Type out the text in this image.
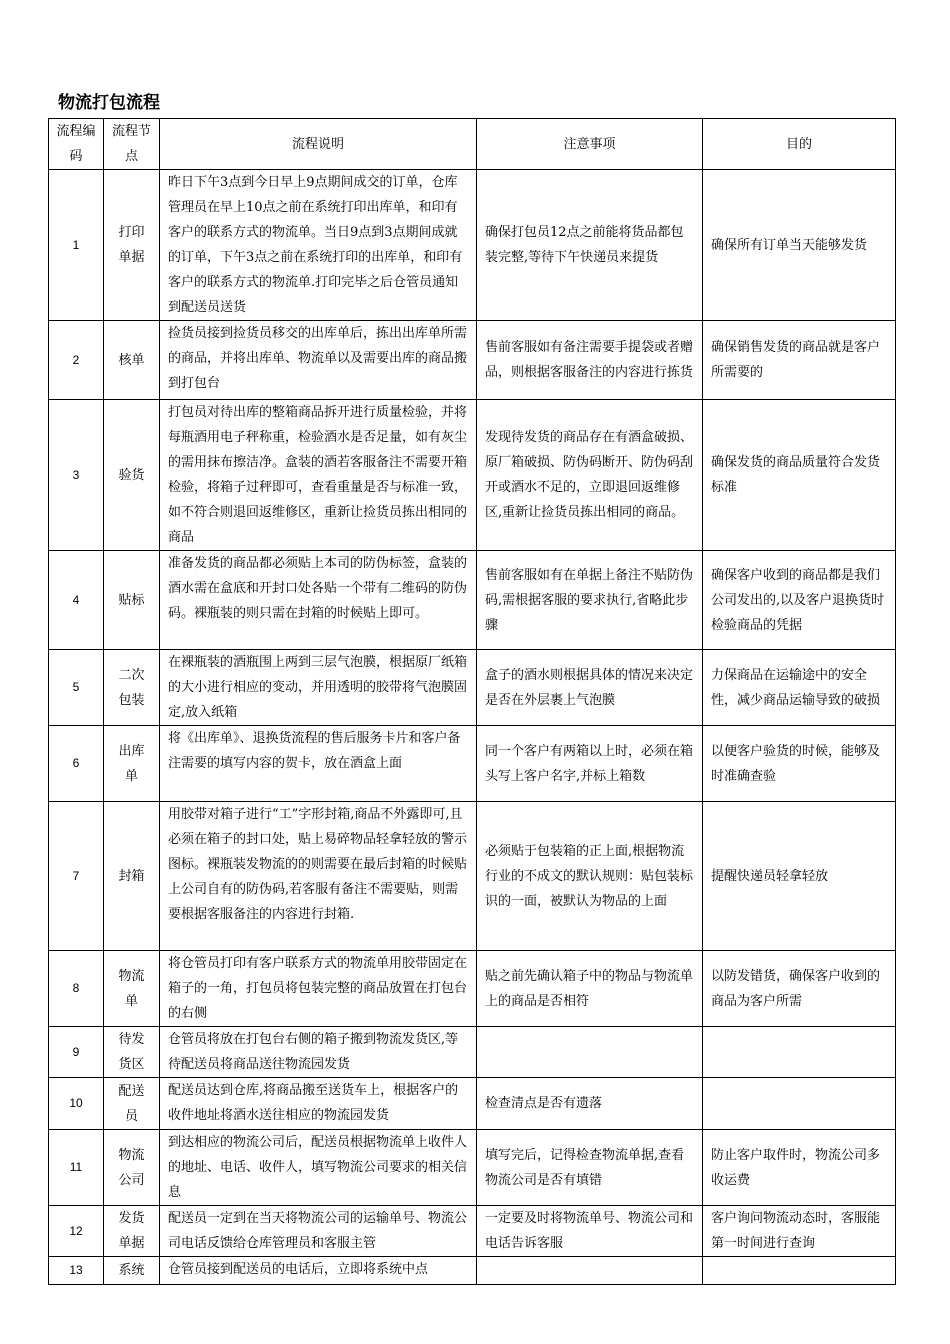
物流打包流程
流程编码	流程节点	流程说明	注意事项	目的
1	打印单据	昨日下午3点到今日早上9点期间成交的订单，仓库管理员在早上10点之前在系统打印出库单，和印有客户的联系方式的物流单。当日9点到3点期间成就的订单，下午3点之前在系统打印的出库单，和印有客户的联系方式的物流单.打印完毕之后仓管员通知到配送员送货	确保打包员12点之前能将货品都包装完整,等待下午快递员来提货	确保所有订单当天能够发货
2	核单	捡货员接到捡货员移交的出库单后，拣出出库单所需的商品，并将出库单、物流单以及需要出库的商品搬到打包台	售前客服如有备注需要手提袋或者赠品，则根据客服备注的内容进行拣货	确保销售发货的商品就是客户所需要的
3	验货	打包员对待出库的整箱商品拆开进行质量检验，并将每瓶酒用电子秤称重，检验酒水是否足量，如有灰尘的需用抹布擦洁净。盒装的酒若客服备注不需要开箱检验，将箱子过秤即可，查看重量是否与标准一致，如不符合则退回返维修区，重新让捡货员拣出相同的商品	发现待发货的商品存在有酒盒破损、原厂箱破损、防伪码断开、防伪码刮开或酒水不足的，立即退回返维修区,重新让捡货员拣出相同的商品。	确保发货的商品质量符合发货标准
4	贴标	准备发货的商品都必须贴上本司的防伪标签，盒装的酒水需在盒底和开封口处各贴一个带有二维码的防伪码。裸瓶装的则只需在封箱的时候贴上即可。	售前客服如有在单据上备注不贴防伪码,需根据客服的要求执行,省略此步骤	确保客户收到的商品都是我们公司发出的,以及客户退换货时检验商品的凭据
5	二次包装	在裸瓶装的酒瓶围上两到三层气泡膜，根据原厂纸箱的大小进行相应的变动，并用透明的胶带将气泡膜固定,放入纸箱	盒子的酒水则根据具体的情况来决定是否在外层裹上气泡膜	力保商品在运输途中的安全性，减少商品运输导致的破损
6	出库单	将《出库单》、退换货流程的售后服务卡片和客户备注需要的填写内容的贺卡，放在酒盒上面	同一个客户有两箱以上时，必须在箱头写上客户名字,并标上箱数	以便客户验货的时候，能够及时准确查验
7	封箱	用胶带对箱子进行“工”字形封箱,商品不外露即可,且必须在箱子的封口处，贴上易碎物品轻拿轻放的警示图标。裸瓶装发物流的的则需要在最后封箱的时候贴上公司自有的防伪码,若客服有备注不需要贴，则需要根据客服备注的内容进行封箱.	必须贴于包装箱的正上面,根据物流行业的不成文的默认规则：贴包装标识的一面，被默认为物品的上面	提醒快递员轻拿轻放
8	物流单	将仓管员打印有客户联系方式的物流单用胶带固定在箱子的一角，打包员将包装完整的商品放置在打包台的右侧	贴之前先确认箱子中的物品与物流单上的商品是否相符	以防发错货，确保客户收到的商品为客户所需
9	待发货区	仓管员将放在打包台右侧的箱子搬到物流发货区,等待配送员将商品送往物流园发货		
10	配送员	配送员达到仓库,将商品搬至送货车上，根据客户的收件地址将酒水送往相应的物流园发货	检查清点是否有遗落	
11	物流公司	到达相应的物流公司后，配送员根据物流单上收件人的地址、电话、收件人，填写物流公司要求的相关信息	填写完后，记得检查物流单据,查看物流公司是否有填错	防止客户取件时，物流公司多收运费
12	发货单据	配送员一定到在当天将物流公司的运输单号、物流公司电话反馈给仓库管理员和客服主管	一定要及时将物流单号、物流公司和电话告诉客服	客户询问物流动态时，客服能第一时间进行查询
13	系统	仓管员接到配送员的电话后，立即将系统中点		
